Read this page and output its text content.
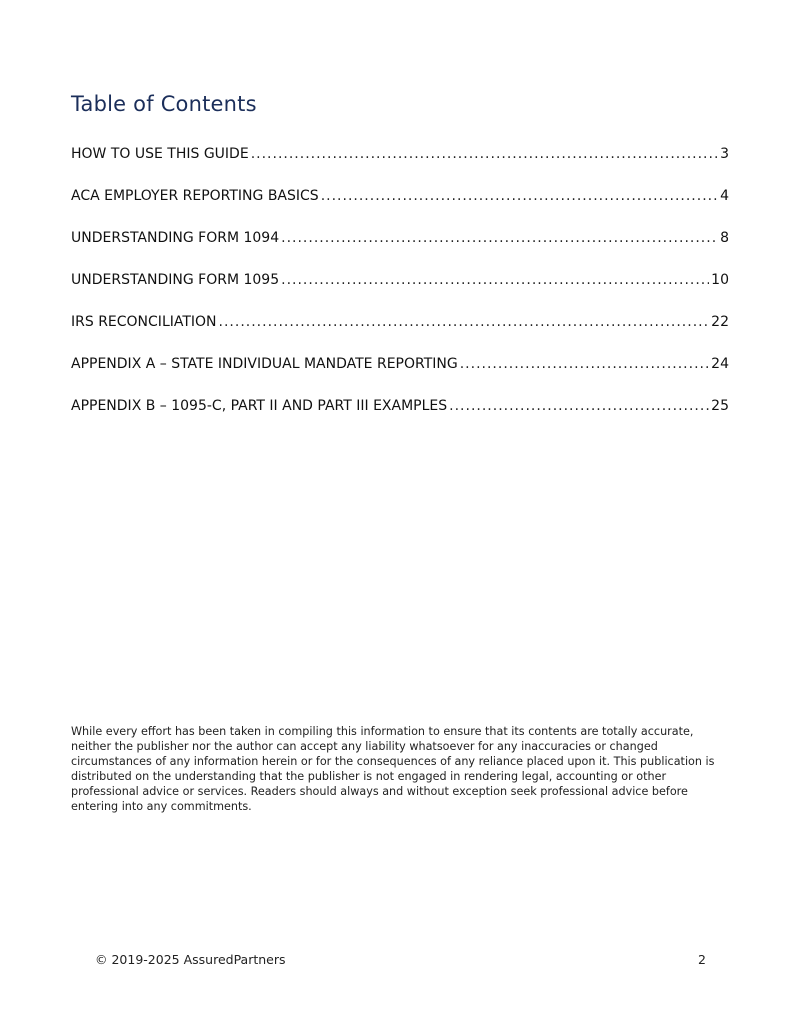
Table of Contents
HOW TO USE THIS GUIDE .....	3
ACA EMPLOYER REPORTING BASICS .....	4
UNDERSTANDING FORM 1094 .....	8
UNDERSTANDING FORM 1095 .....	10
IRS RECONCILIATION .....	22
APPENDIX A – STATE INDIVIDUAL MANDATE REPORTING .....	24
APPENDIX B – 1095-C, PART II AND PART III EXAMPLES .....	25

While every effort has been taken in compiling this information to ensure that its contents are totally accurate, neither the publisher nor the author can accept any liability whatsoever for any inaccuracies or changed circumstances of any information herein or for the consequences of any reliance placed upon it. This publication is distributed on the understanding that the publisher is not engaged in rendering legal, accounting or other professional advice or services. Readers should always and without exception seek professional advice before entering into any commitments.

© 2019-2025 AssuredPartners	2
